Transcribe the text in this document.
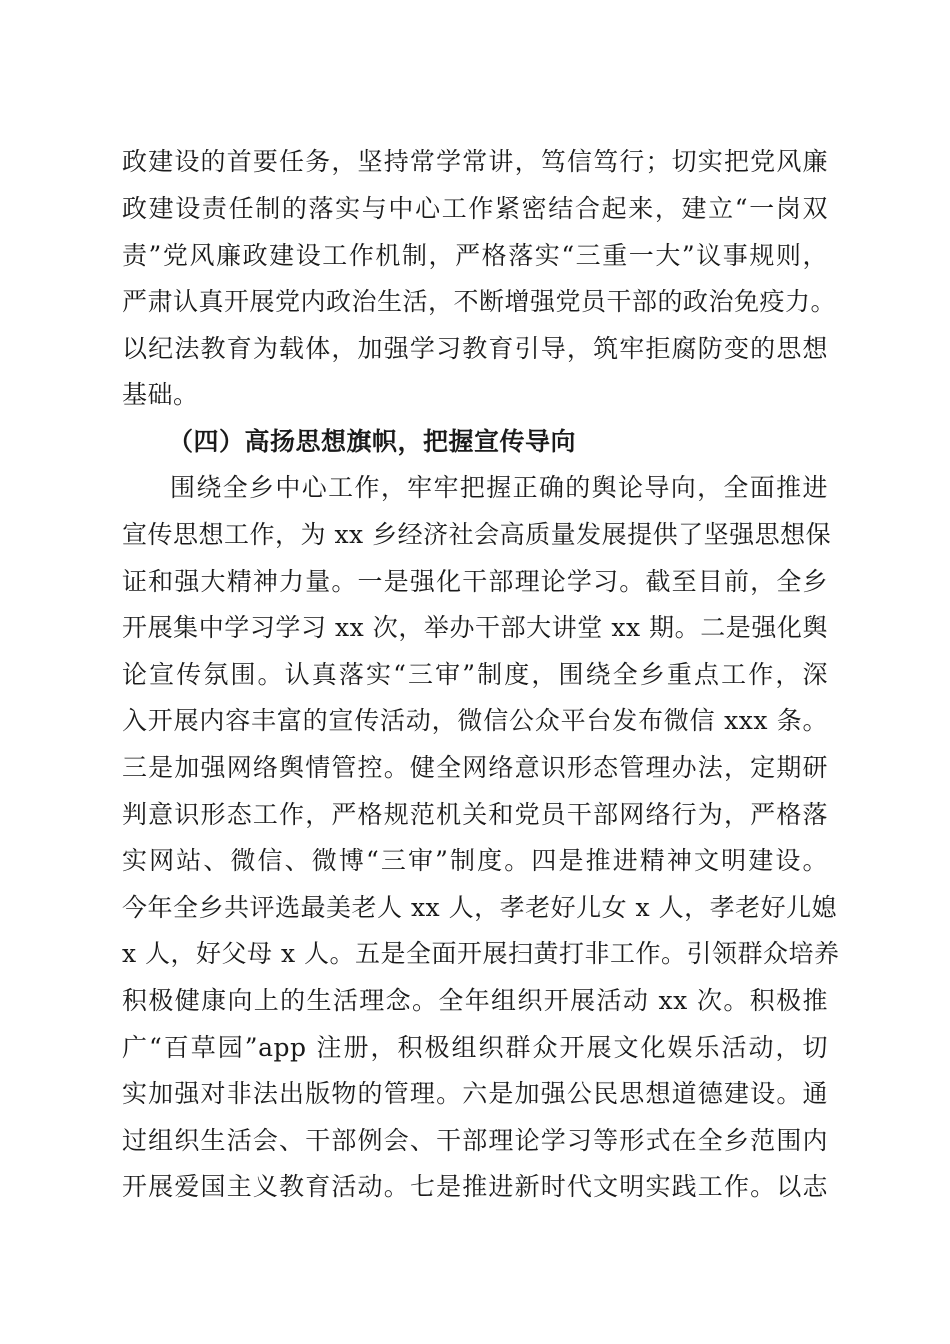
政建设的首要任务，坚持常学常讲，笃信笃行；切实把党风廉
政建设责任制的落实与中心工作紧密结合起来，建立“一岗双
责”党风廉政建设工作机制，严格落实“三重一大”议事规则，
严肃认真开展党内政治生活，不断增强党员干部的政治免疫力。
以纪法教育为载体，加强学习教育引导，筑牢拒腐防变的思想
基础。
（四）高扬思想旗帜，把握宣传导向
围绕全乡中心工作，牢牢把握正确的舆论导向，全面推进
宣传思想工作，为 xx 乡经济社会高质量发展提供了坚强思想保
证和强大精神力量。一是强化干部理论学习。截至目前，全乡
开展集中学习学习 xx 次，举办干部大讲堂 xx 期。二是强化舆
论宣传氛围。认真落实“三审”制度，围绕全乡重点工作，深
入开展内容丰富的宣传活动，微信公众平台发布微信 xxx 条。
三是加强网络舆情管控。健全网络意识形态管理办法，定期研
判意识形态工作，严格规范机关和党员干部网络行为，严格落
实网站、微信、微博“三审”制度。四是推进精神文明建设。
今年全乡共评选最美老人 xx 人，孝老好儿女 x 人，孝老好儿媳
x 人，好父母 x 人。五是全面开展扫黄打非工作。引领群众培养
积极健康向上的生活理念。全年组织开展活动 xx 次。积极推
广“百草园”app 注册，积极组织群众开展文化娱乐活动，切
实加强对非法出版物的管理。六是加强公民思想道德建设。通
过组织生活会、干部例会、干部理论学习等形式在全乡范围内
开展爱国主义教育活动。七是推进新时代文明实践工作。以志
